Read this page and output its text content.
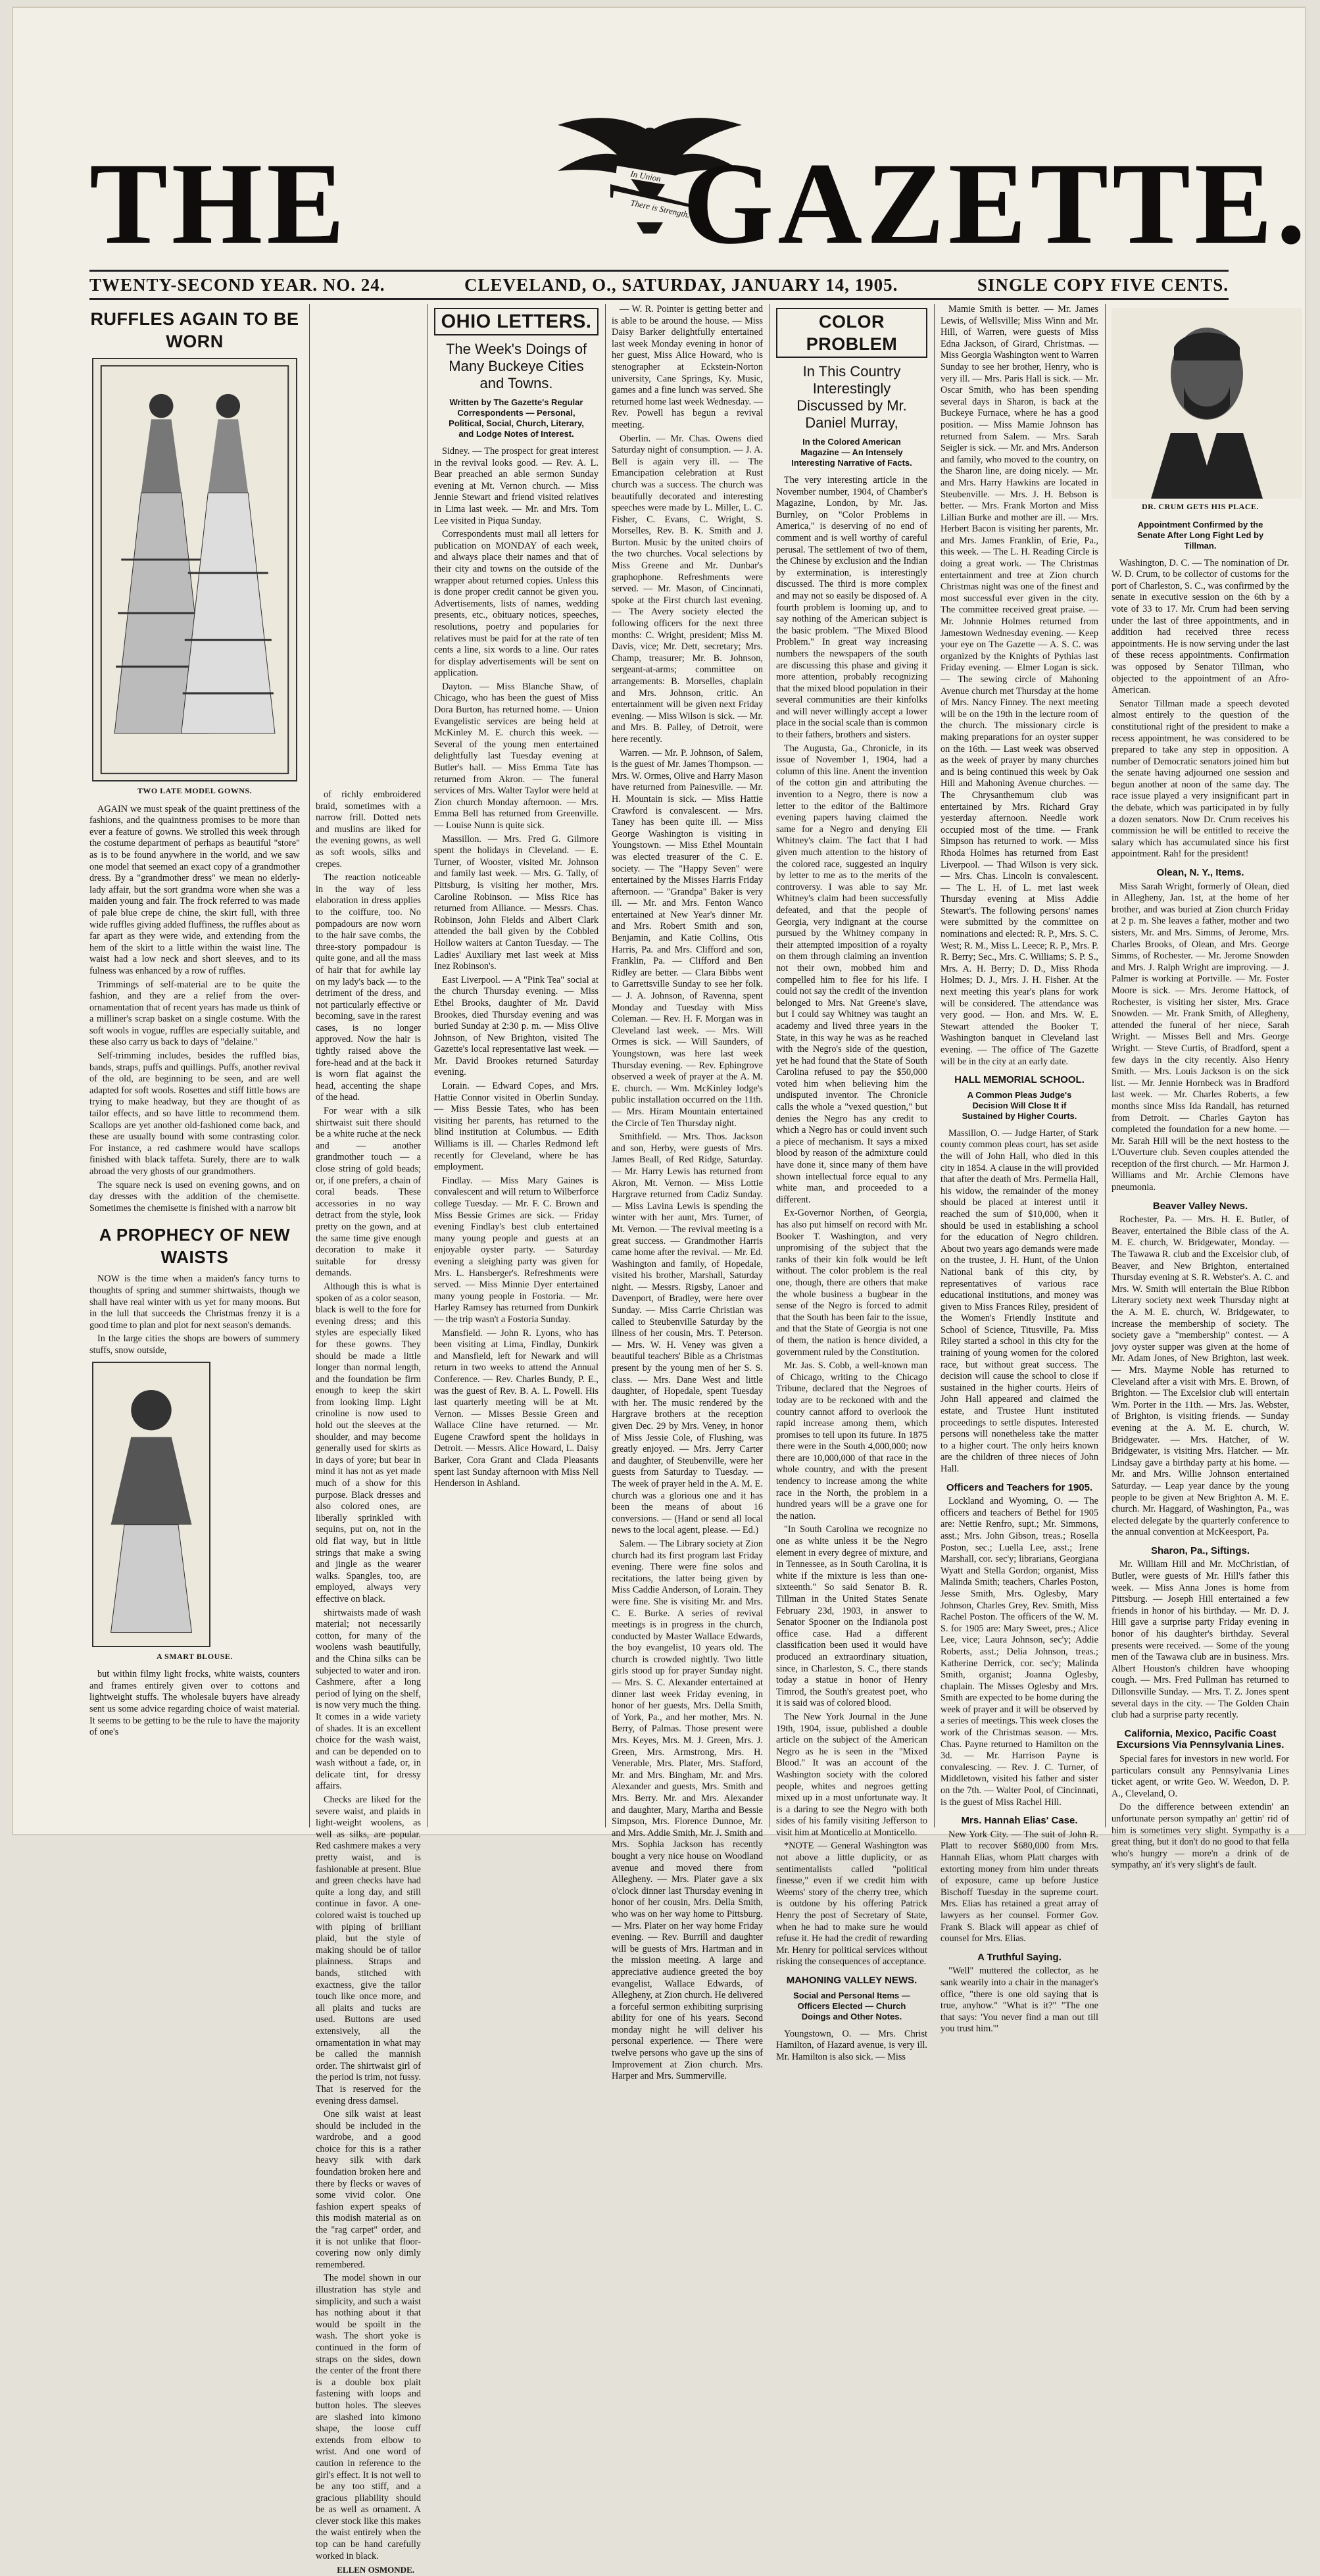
THE	In Union
There is Strength.
GAZETTE.
TWENTY-SECOND YEAR. NO. 24.	CLEVELAND, O., SATURDAY, JANUARY 14, 1905.	SINGLE COPY FIVE CENTS.
RUFFLES AGAIN TO BE WORN
TWO LATE MODEL GOWNS.

AGAIN we must speak of the quaint prettiness of the fashions, and the quaintness promises to be more than ever a feature of gowns. We strolled this week through the costume department of perhaps as beautiful "store" as is to be found anywhere in the world, and we saw one model that seemed an exact copy of a grandmother dress. By a "grandmother dress" we mean no elderly-lady affair, but the sort grandma wore when she was a maiden young and fair. The frock referred to was made of pale blue crepe de chine, the skirt full, with three wide ruffles giving added fluffiness, the ruffles about as far apart as they were wide, and extending from the hem of the skirt to a little within the waist line. The waist had a low neck and short sleeves, and to its fulness was enhanced by a row of ruffles.

Trimmings of self-material are to be quite the fashion, and they are a relief from the over-ornamentation that of recent years has made us think of a milliner's scrap basket on a single costume. With the soft wools in vogue, ruffles are especially suitable, and these also carry us back to days of "delaine."

Self-trimming includes, besides the ruffled bias, bands, straps, puffs and quillings. Puffs, another revival of the old, are beginning to be seen, and are well adapted for soft wools. Rosettes and stiff little bows are trying to make headway, but they are thought of as tailor effects, and so have little to recommend them. Scallops are yet another old-fashioned come back, and these are usually bound with some contrasting color. For instance, a red cashmere would have scallops finished with black taffeta. Surely, there are to walk abroad the very ghosts of our grandmothers.

The square neck is used on evening gowns, and on day dresses with the addition of the chemisette. Sometimes the chemisette is finished with a narrow bit

A PROPHECY OF NEW WAISTS

NOW is the time when a maiden's fancy turns to thoughts of spring and summer shirtwaists, though we shall have real winter with us yet for many moons. But in the lull that succeeds the Christmas frenzy it is a good time to plan and plot for next season's demands.

In the large cities the shops are bowers of summery stuffs, snow outside,

A SMART BLOUSE.

but within filmy light frocks, white waists, counters and frames entirely given over to cottons and lightweight stuffs. The wholesale buyers have already sent us some advice regarding choice of waist material. It seems to be getting to be the rule to have the majority of one's

of richly embroidered braid, sometimes with a narrow frill. Dotted nets and muslins are liked for the evening gowns, as well as soft wools, silks and crepes.

The reaction noticeable in the way of less elaboration in dress applies to the coiffure, too. No pompadours are now worn to the hair save combs, the three-story pompadour is quite gone, and all the mass of hair that for awhile lay on my lady's back — to the detriment of the dress, and not particularly effective or becoming, save in the rarest cases, is no longer approved. Now the hair is tightly raised above the fore-head and at the back it is worn flat against the head, accenting the shape of the head.

For wear with a silk shirtwaist suit there should be a white ruche at the neck and — another grandmother touch — a close string of gold beads; or, if one prefers, a chain of coral beads. These accessories in no way detract from the style, look pretty on the gown, and at the same time give enough decoration to make it suitable for dressy demands.

Although this is what is spoken of as a color season, black is well to the fore for evening dress; and this styles are especially liked for these gowns. They should be made a little longer than normal length, and the foundation be firm enough to keep the skirt from looking limp. Light crinoline is now used to hold out the sleeves at the shoulder, and may become generally used for skirts as in days of yore; but bear in mind it has not as yet made much of a show for this purpose. Black dresses and also colored ones, are liberally sprinkled with sequins, put on, not in the old flat way, but in little strings that make a swing and jingle as the wearer walks. Spangles, too, are employed, always very effective on black.

shirtwaists made of wash material; not necessarily cotton, for many of the woolens wash beautifully, and the China silks can be subjected to water and iron. Cashmere, after a long period of lying on the shelf, is now very much the thing. It comes in a wide variety of shades. It is an excellent choice for the wash waist, and can be depended on to wash without a fade, or, in delicate tint, for dressy affairs.

Checks are liked for the severe waist, and plaids in light-weight woolens, as well as silks, are popular. Red cashmere makes a very pretty waist, and is fashionable at present. Blue and green checks have had quite a long day, and still continue in favor. A one-colored waist is touched up with piping of brilliant plaid, but the style of making should be of tailor plainness. Straps and bands, stitched with exactness, give the tailor touch like once more, and all plaits and tucks are used. Buttons are used extensively, all the ornamentation in what may be called the mannish order. The shirtwaist girl of the period is trim, not fussy. That is reserved for the evening dress damsel.

One silk waist at least should be included in the wardrobe, and a good choice for this is a rather heavy silk with dark foundation broken here and there by flecks or waves of some vivid color. One fashion expert speaks of this modish material as on the "rag carpet" order, and it is not unlike that floor-covering now only dimly remembered.

The model shown in our illustration has style and simplicity, and such a waist has nothing about it that would be spoilt in the wash. The short yoke is continued in the form of straps on the sides, down the center of the front there is a double box plait fastening with loops and button holes. The sleeves are slashed into kimono shape, the loose cuff extends from elbow to wrist. And one word of caution in reference to the girl's effect. It is not well to be any too stiff, and a gracious pliability should be as well as ornament. A clever stock like this makes the waist entirely when the top can be hand carefully worked in black.

ELLEN OSMONDE.
OHIO LETTERS.
The Week's Doings of Many Buckeye Cities and Towns.
Written by The Gazette's Regular Correspondents — Personal, Political, Social, Church, Literary, and Lodge Notes of Interest.

Sidney. — The prospect for great interest in the revival looks good. — Rev. A. L. Bear preached an able sermon Sunday evening at Mt. Vernon church. — Miss Jennie Stewart and friend visited relatives in Lima last week. — Mr. and Mrs. Tom Lee visited in Piqua Sunday.

Correspondents must mail all letters for publication on MONDAY of each week, and always place their names and that of their city and towns on the outside of the wrapper about returned copies. Unless this is done proper credit cannot be given you. Advertisements, lists of names, wedding presents, etc., obituary notices, speeches, resolutions, poetry and popularies for relatives must be paid for at the rate of ten cents a line, six words to a line. Our rates for display advertisements will be sent on application.

Dayton. — Miss Blanche Shaw, of Chicago, who has been the guest of Miss Dora Burton, has returned home. — Union Evangelistic services are being held at McKinley M. E. church this week. — Several of the young men entertained delightfully last Tuesday evening at Butler's hall. — Miss Emma Tate has returned from Akron. — The funeral services of Mrs. Walter Taylor were held at Zion church Monday afternoon. — Mrs. Emma Bell has returned from Greenville. — Louise Nunn is quite sick.

Massillon. — Mrs. Fred G. Gilmore spent the holidays in Cleveland. — E. Turner, of Wooster, visited Mr. Johnson and family last week. — Mrs. G. Tally, of Pittsburg, is visiting her mother, Mrs. Caroline Robinson. — Miss Rice has returned from Alliance. — Messrs. Chas. Robinson, John Fields and Albert Clark attended the ball given by the Cobbled Hollow waiters at Canton Tuesday. — The Ladies' Auxiliary met last week at Miss Inez Robinson's.

East Liverpool. — A "Pink Tea" social at the church Thursday evening. — Miss Ethel Brooks, daughter of Mr. David Brookes, died Thursday evening and was buried Sunday at 2:30 p. m. — Miss Olive Johnson, of New Brighton, visited The Gazette's local representative last week. — Mr. David Brookes returned Saturday evening.

Lorain. — Edward Copes, and Mrs. Hattie Connor visited in Oberlin Sunday. — Miss Bessie Tates, who has been visiting her parents, has returned to the blind institution at Columbus. — Edith Williams is ill. — Charles Redmond left recently for Cleveland, where he has employment.

Findlay. — Miss Mary Gaines is convalescent and will return to Wilberforce college Tuesday. — Mr. F. C. Brown and Miss Bessie Grimes are sick. — Friday evening Findlay's best club entertained many young people and guests at an enjoyable oyster party. — Saturday evening a sleighing party was given for Mrs. L. Hansberger's. Refreshments were served. — Miss Minnie Dyer entertained many young people in Fostoria. — Mr. Harley Ramsey has returned from Dunkirk — the trip wasn't a Fostoria Sunday.

Mansfield. — John R. Lyons, who has been visiting at Lima, Findlay, Dunkirk and Mansfield, left for Newark and will return in two weeks to attend the Annual Conference. — Rev. Charles Bundy, P. E., was the guest of Rev. B. A. L. Powell. His last quarterly meeting will be at Mt. Vernon. — Misses Bessie Green and Wallace Cline have returned. — Mr. Eugene Crawford spent the holidays in Detroit. — Messrs. Alice Howard, L. Daisy Barker, Cora Grant and Clada Pleasants spent last Sunday afternoon with Miss Nell Henderson in Ashland.

— W. R. Pointer is getting better and is able to be around the house. — Miss Daisy Barker delightfully entertained last week Monday evening in honor of her guest, Miss Alice Howard, who is stenographer at Eckstein-Norton university, Cane Springs, Ky. Music, games and a fine lunch was served. She returned home last week Wednesday. — Rev. Powell has begun a revival meeting.

Oberlin. — Mr. Chas. Owens died Saturday night of consumption. — J. A. Bell is again very ill. — The Emancipation celebration at Rust church was a success. The church was beautifully decorated and interesting speeches were made by L. Miller, L. C. Fisher, C. Evans, C. Wright, S. Morselles, Rev. B. K. Smith and J. Burton. Music by the united choirs of the two churches. Vocal selections by Miss Greene and Mr. Dunbar's graphophone. Refreshments were served. — Mr. Mason, of Cincinnati, spoke at the First church last evening. — The Avery society elected the following officers for the next three months: C. Wright, president; Miss M. Davis, vice; Mr. Dett, secretary; Mrs. Champ, treasurer; Mr. B. Johnson, sergeant-at-arms; committee on arrangements: B. Morselles, chaplain and Mrs. Johnson, critic. An entertainment will be given next Friday evening. — Miss Wilson is sick. — Mr. and Mrs. B. Palley, of Detroit, were here recently.

Warren. — Mr. P. Johnson, of Salem, is the guest of Mr. James Thompson. — Mrs. W. Ormes, Olive and Harry Mason have returned from Painesville. — Mr. H. Mountain is sick. — Miss Hattie Crawford is convalescent. — Mrs. Taney has been quite ill. — Miss George Washington is visiting in Youngstown. — Miss Ethel Mountain was elected treasurer of the C. E. society. — The "Happy Seven" were entertained by the Misses Harris Friday afternoon. — "Grandpa" Baker is very ill. — Mr. and Mrs. Fenton Wanco entertained at New Year's dinner Mr. and Mrs. Robert Smith and son, Benjamin, and Katie Collins, Otis Harris, Pa. and Mrs. Clifford and son, Franklin, Pa. — Clifford and Ben Ridley are better. — Clara Bibbs went to Garrettsville Sunday to see her folk. — J. A. Johnson, of Ravenna, spent Monday and Tuesday with Miss Coleman. — Rev. H. F. Morgan was in Cleveland last week. — Mrs. Will Ormes is sick. — Will Saunders, of Youngstown, was here last week Thursday evening. — Rev. Ephingrove observed a week of prayer at the A. M. E. church. — Wm. McKinley lodge's public installation occurred on the 11th. — Mrs. Hiram Mountain entertained the Circle of Ten Thursday night.

Smithfield. — Mrs. Thos. Jackson and son, Herby, were guests of Mrs. James Beall, of Red Ridge, Saturday. — Mr. Harry Lewis has returned from Akron, Mt. Vernon. — Miss Lottie Hargrave returned from Cadiz Sunday. — Miss Lavina Lewis is spending the winter with her aunt, Mrs. Turner, of Mt. Vernon. — The revival meeting is a great success. — Grandmother Harris came home after the revival. — Mr. Ed. Washington and family, of Hopedale, visited his brother, Marshall, Saturday night. — Messrs. Rigsby, Lanoer and Davenport, of Bradley, were here over Sunday. — Miss Carrie Christian was called to Steubenville Saturday by the illness of her cousin, Mrs. T. Peterson. — Mrs. W. H. Veney was given a beautiful teachers' Bible as a Christmas present by the young men of her S. S. class. — Mrs. Dane West and little daughter, of Hopedale, spent Tuesday with her. The music rendered by the Hargrave brothers at the reception given Dec. 29 by Mrs. Veney, in honor of Miss Jessie Cole, of Flushing, was greatly enjoyed. — Mrs. Jerry Carter and daughter, of Steubenville, were her guests from Saturday to Tuesday. — The week of prayer held in the A. M. E. church was a glorious one and it has been the means of about 16 conversions. — (Hand or send all local news to the local agent, please. — Ed.)

Salem. — The Library society at Zion church had its first program last Friday evening. There were fine solos and recitations, the latter being given by Miss Caddie Anderson, of Lorain. They were fine. She is visiting Mr. and Mrs. C. E. Burke. A series of revival meetings is in progress in the church, conducted by Master Wallace Edwards, the boy evangelist, 10 years old. The church is crowded nightly. Two little girls stood up for prayer Sunday night. — Mrs. S. C. Alexander entertained at dinner last week Friday evening, in honor of her guests, Mrs. Della Smith, of York, Pa., and her mother, Mrs. N. Berry, of Palmas. Those present were Mrs. Keyes, Mrs. M. J. Green, Mrs. J. Green, Mrs. Armstrong, Mrs. H. Venerable, Mrs. Plater, Mrs. Stafford, Mr. and Mrs. Bingham, Mr. and Mrs. Alexander and guests, Mrs. Smith and Mrs. Berry. Mr. and Mrs. Alexander and daughter, Mary, Martha and Bessie Simpson, Mrs. Florence Dunnoe, Mr. and Mrs. Addie Smith, Mr. J. Smith and Mrs. Sophia Jackson has recently bought a very nice house on Woodland avenue and moved there from Allegheny. — Mrs. Plater gave a six o'clock dinner last Thursday evening in honor of her cousin, Mrs. Della Smith, who was on her way home to Pittsburg. — Mrs. Plater on her way home Friday evening. — Rev. Burrill and daughter will be guests of Mrs. Hartman and in the mission meeting. A large and appreciative audience greeted the boy evangelist, Wallace Edwards, of Allegheny, at Zion church. He delivered a forceful sermon exhibiting surprising ability for one of his years. Second monday night he will deliver his personal experience. — There were twelve persons who gave up the sins of Improvement at Zion church. Mrs. Harper and Mrs. Summerville.

COLOR PROBLEM
In This Country Interestingly Discussed by Mr. Daniel Murray,
In the Colored American Magazine — An Intensely Interesting Narrative of Facts.

The very interesting article in the November number, 1904, of Chamber's Magazine, London, by Mr. Jas. Burnley, on "Color Problems in America," is deserving of no end of comment and is well worthy of careful perusal. The settlement of two of them, the Chinese by exclusion and the Indian by extermination, is interestingly discussed. The third is more complex and may not so easily be disposed of. A fourth problem is looming up, and to say nothing of the American subject is the basic problem. "The Mixed Blood Problem." In great way increasing numbers the newspapers of the south are discussing this phase and giving it more attention, probably recognizing that the mixed blood population in their several communities are their kinfolks and will never willingly accept a lower place in the social scale than is common to their fathers, brothers and sisters.

The Augusta, Ga., Chronicle, in its issue of November 1, 1904, had a column of this line. Anent the invention of the cotton gin and attributing the invention to a Negro, there is now a letter to the editor of the Baltimore evening papers having claimed the same for a Negro and denying Eli Whitney's claim. The fact that I had given much attention to the history of the colored race, suggested an inquiry by letter to me as to the merits of the controversy. I was able to say Mr. Whitney's claim had been successfully defeated, and that the people of Georgia, very indignant at the course pursued by the Whitney company in their attempted imposition of a royalty on them through claiming an invention not their own, mobbed him and compelled him to flee for his life. I could not say the credit of the invention belonged to Mrs. Nat Greene's slave, but I could say Whitney was taught an academy and lived three years in the State, in this way he was as he reached with the Negro's side of the question, yet he had found that the State of South Carolina refused to pay the $50,000 voted him when believing him the undisputed inventor. The Chronicle calls the whole a "vexed question," but denies the Negro has any credit to which a Negro has or could invent such a piece of mechanism. It says a mixed blood by reason of the admixture could have done it, since many of them have shown intellectual force equal to any white man, and proceeded to a different.

Ex-Governor Northen, of Georgia, has also put himself on record with Mr. Booker T. Washington, and very unpromising of the subject that the ranks of their kin folk would be left without. The color problem is the real one, though, there are others that make the whole business a bugbear in the sense of the Negro is forced to admit that the South has been fair to the issue, and that the State of Georgia is not one of them, the nation is hence divided, a government ruled by the Constitution.

Mr. Jas. S. Cobb, a well-known man of Chicago, writing to the Chicago Tribune, declared that the Negroes of today are to be reckoned with and the country cannot afford to overlook the rapid increase among them, which promises to tell upon its future. In 1875 there were in the South 4,000,000; now there are 10,000,000 of that race in the whole country, and with the present tendency to increase among the white race in the North, the problem in a hundred years will be a grave one for the nation.

"In South Carolina we recognize no one as white unless it be the Negro element in every degree of mixture, and in Tennessee, as in South Carolina, it is white if the mixture is less than one-sixteenth." So said Senator B. R. Tillman in the United States Senate February 23d, 1903, in answer to Senator Spooner on the Indianola post office case. Had a different classification been used it would have produced an extraordinary situation, since, in Charleston, S. C., there stands today a statue in honor of Henry Timrod, the South's greatest poet, who it is said was of colored blood.

The New York Journal in the June 19th, 1904, issue, published a double article on the subject of the American Negro as he is seen in the "Mixed Blood." It was an account of the Washington society with the colored people, whites and negroes getting mixed up in a most unfortunate way. It is a daring to see the Negro with both sides of his family visiting Jefferson to visit him at Monticello at Monticello.

*NOTE — General Washington was not above a little duplicity, or as sentimentalists called "political finesse," even if we credit him with Weems' story of the cherry tree, which is outdone by his offering Patrick Henry the post of Secretary of State, when he had to make sure he would refuse it. He had the credit of rewarding Mr. Henry for political services without risking the consequences of acceptance.

MAHONING VALLEY NEWS.
Social and Personal Items — Officers Elected — Church Doings and Other Notes.

Youngstown, O. — Mrs. Christ Hamilton, of Hazard avenue, is very ill. Mr. Hamilton is also sick. — Miss

Mamie Smith is better. — Mr. James Lewis, of Wellsville; Miss Winn and Mr. Hill, of Warren, were guests of Miss Edna Jackson, of Girard, Christmas. — Miss Georgia Washington went to Warren Sunday to see her brother, Henry, who is very ill. — Mrs. Paris Hall is sick. — Mr. Oscar Smith, who has been spending several days in Sharon, is back at the Buckeye Furnace, where he has a good position. — Miss Mamie Johnson has returned from Salem. — Mrs. Sarah Seigler is sick. — Mr. and Mrs. Anderson and family, who moved to the country, on the Sharon line, are doing nicely. — Mr. and Mrs. Harry Hawkins are located in Steubenville. — Mrs. J. H. Bebson is better. — Mrs. Frank Morton and Miss Lillian Burke and mother are ill. — Mrs. Herbert Bacon is visiting her parents, Mr. and Mrs. James Franklin, of Erie, Pa., this week. — The L. H. Reading Circle is doing a great work. — The Christmas entertainment and tree at Zion church Christmas night was one of the finest and most successful ever given in the city. The committee received great praise. — Mr. Johnnie Holmes returned from Jamestown Wednesday evening. — Keep your eye on The Gazette — A. S. C. was organized by the Knights of Pythias last Friday evening. — Elmer Logan is sick. — The sewing circle of Mahoning Avenue church met Thursday at the home of Mrs. Nancy Finney. The next meeting will be on the 19th in the lecture room of the church. The missionary circle is making preparations for an oyster supper on the 16th. — Last week was observed as the week of prayer by many churches and is being continued this week by Oak Hill and Mahoning Avenue churches. — The Chrysanthemum club was entertained by Mrs. Richard Gray yesterday afternoon. Needle work occupied most of the time. — Frank Simpson has returned to work. — Miss Rhoda Holmes has returned from East Liverpool. — Thad Wilson is very sick. — Mrs. Chas. Lincoln is convalescent. — The L. H. of L. met last week Thursday evening at Miss Addie Stewart's. The following persons' names were submitted by the committee on nominations and elected: R. P., Mrs. S. C. West; R. M., Miss L. Leece; R. P., Mrs. P. R. Berry; Sec., Mrs. C. Williams; S. P. S., Mrs. A. H. Berry; D. D., Miss Rhoda Holmes; D. J., Mrs. J. H. Fisher. At the next meeting this year's plans for work will be considered. The attendance was very good. — Hon. and Mrs. W. E. Stewart attended the Booker T. Washington banquet in Cleveland last evening. — The office of The Gazette will be in the city at an early date.

HALL MEMORIAL SCHOOL.
A Common Pleas Judge's Decision Will Close It if Sustained by Higher Courts.

Massillon, O. — Judge Harter, of Stark county common pleas court, has set aside the will of John Hall, who died in this city in 1854. A clause in the will provided that after the death of Mrs. Permelia Hall, his widow, the remainder of the money should be placed at interest until it reached the sum of $10,000, when it should be used in establishing a school for the education of Negro children. About two years ago demands were made on the trustee, J. H. Hunt, of the Union National bank of this city, by representatives of various race educational institutions, and money was given to Miss Frances Riley, president of the Women's Friendly Institute and School of Science, Titusville, Pa. Miss Riley started a school in this city for the training of young women for the colored race, but without great success. The decision will cause the school to close if sustained in the higher courts. Heirs of John Hall appeared and claimed the estate, and Trustee Hunt instituted proceedings to settle disputes. Interested persons will nonetheless take the matter to a higher court. The only heirs known are the children of three nieces of John Hall.

Officers and Teachers for 1905.

Lockland and Wyoming, O. — The officers and teachers of Bethel for 1905 are: Nettie Renfro, supt.; Mr. Simmons, asst.; Mrs. John Gibson, treas.; Rosella Poston, sec.; Luella Lee, asst.; Irene Marshall, cor. sec'y; librarians, Georgiana Wyatt and Stella Gordon; organist, Miss Malinda Smith; teachers, Charles Poston, Jesse Smith, Mrs. Oglesby, Mary Johnson, Charles Grey, Rev. Smith, Miss Rachel Poston. The officers of the W. M. S. for 1905 are: Mary Sweet, pres.; Alice Lee, vice; Laura Johnson, sec'y; Addie Roberts, asst.; Delia Johnson, treas.; Katherine Derrick, cor. sec'y; Malinda Smith, organist; Joanna Oglesby, chaplain. The Misses Oglesby and Mrs. Smith are expected to be home during the week of prayer and it will be observed by a series of meetings. This week closes the work of the Christmas season. — Mrs. Chas. Payne returned to Hamilton on the 3d. — Mr. Harrison Payne is convalescing. — Rev. J. C. Turner, of Middletown, visited his father and sister on the 7th. — Walter Pool, of Cincinnati, is the guest of Miss Rachel Hill.

Mrs. Hannah Elias' Case.

New York City. — The suit of John R. Platt to recover $680,000 from Mrs. Hannah Elias, whom Platt charges with extorting money from him under threats of exposure, came up before Justice Bischoff Tuesday in the supreme court. Mrs. Elias has retained a great array of lawyers as her counsel. Former Gov. Frank S. Black will appear as chief of counsel for Mrs. Elias.

A Truthful Saying.

"Well" muttered the collector, as he sank wearily into a chair in the manager's office, "there is one old saying that is true, anyhow." "What is it?" "The one that says: 'You never find a man out till you trust him.'"

DR. CRUM GETS HIS PLACE.
Appointment Confirmed by the Senate After Long Fight Led by Tillman.

Washington, D. C. — The nomination of Dr. W. D. Crum, to be collector of customs for the port of Charleston, S. C., was confirmed by the senate in executive session on the 6th by a vote of 33 to 17. Mr. Crum had been serving under the last of three appointments, and in addition had received three recess appointments. He is now serving under the last of these recess appointments. Confirmation was opposed by Senator Tillman, who objected to the appointment of an Afro-American.

Senator Tillman made a speech devoted almost entirely to the question of the constitutional right of the president to make a recess appointment, he was considered to be prepared to take any step in opposition. A number of Democratic senators joined him but the senate having adjourned one session and begun another at noon of the same day. The race issue played a very insignificant part in the debate, which was participated in by fully a dozen senators. Now Dr. Crum receives his commission he will be entitled to receive the salary which has accumulated since his first appointment. Rah! for the president!

Olean, N. Y., Items.

Miss Sarah Wright, formerly of Olean, died in Allegheny, Jan. 1st, at the home of her brother, and was buried at Zion church Friday at 2 p. m. She leaves a father, mother and two sisters, Mr. and Mrs. Simms, of Jerome, Mrs. Charles Brooks, of Olean, and Mrs. George Simms, of Rochester. — Mr. Jerome Snowden and Mrs. J. Ralph Wright are improving. — J. Palmer is working at Portville. — Mr. Foster Moore is sick. — Mrs. Jerome Hattock, of Rochester, is visiting her sister, Mrs. Grace Snowden. — Mr. Frank Smith, of Allegheny, attended the funeral of her niece, Sarah Wright. — Misses Bell and Mrs. George Wright. — Steve Curtis, of Bradford, spent a few days in the city recently. Also Henry Smith. — Mrs. Louis Jackson is on the sick list. — Mr. Jennie Hornbeck was in Bradford last week. — Mr. Charles Roberts, a few months since Miss Ida Randall, has returned from Detroit. — Charles Gayton has completed the foundation for a new home. — Mr. Sarah Hill will be the next hostess to the L'Ouverture club. Seven couples attended the reception of the first church. — Mr. Harmon J. Williams and Mr. Archie Clemons have pneumonia.

Beaver Valley News.

Rochester, Pa. — Mrs. H. E. Butler, of Beaver, entertained the Bible class of the A. M. E. church, W. Bridgewater, Monday. — The Tawawa R. club and the Excelsior club, of Beaver, and New Brighton, entertained Thursday evening at S. R. Webster's. A. C. and Mrs. W. Smith will entertain the Blue Ribbon Literary society next week Thursday night at the A. M. E. church, W. Bridgewater, to increase the membership of society. The society gave a "membership" contest. — A jovy oyster supper was given at the home of Mr. Adam Jones, of New Brighton, last week. — Mrs. Mayme Noble has returned to Cleveland after a visit with Mrs. E. Brown, of Brighton. — The Excelsior club will entertain Wm. Porter in the 11th. — Mrs. Jas. Webster, of Brighton, is visiting friends. — Sunday evening at the A. M. E. church, W. Bridgewater. — Mrs. Hatcher, of W. Bridgewater, is visiting Mrs. Hatcher. — Mr. Lindsay gave a birthday party at his home. — Mr. and Mrs. Willie Johnson entertained Saturday. — Leap year dance by the young people to be given at New Brighton A. M. E. church. Mr. Haggard, of Washington, Pa., was elected delegate by the quarterly conference to the annual convention at McKeesport, Pa.

Sharon, Pa., Siftings.

Mr. William Hill and Mr. McChristian, of Butler, were guests of Mr. Hill's father this week. — Miss Anna Jones is home from Pittsburg. — Joseph Hill entertained a few friends in honor of his birthday. — Mr. D. J. Hill gave a surprise party Friday evening in honor of his daughter's birthday. Several presents were received. — Some of the young men of the Tawawa club are in business. Mrs. Albert Houston's children have whooping cough. — Mrs. Fred Pullman has returned to Dillonsville Sunday. — Mrs. T. Z. Jones spent several days in the city. — The Golden Chain club had a surprise party recently.

California, Mexico, Pacific Coast Excursions Via Pennsylvania Lines.

Special fares for investors in new world. For particulars consult any Pennsylvania Lines ticket agent, or write Geo. W. Weedon, D. P. A., Cleveland, O.

Do the difference between extendin' an unfortunate person sympathy an' gettin' rid of him is sometimes very slight. Sympathy is a great thing, but it don't do no good to that fella who's hungry — more'n a drink of de sympathy, an' it's very slight's de fault.
